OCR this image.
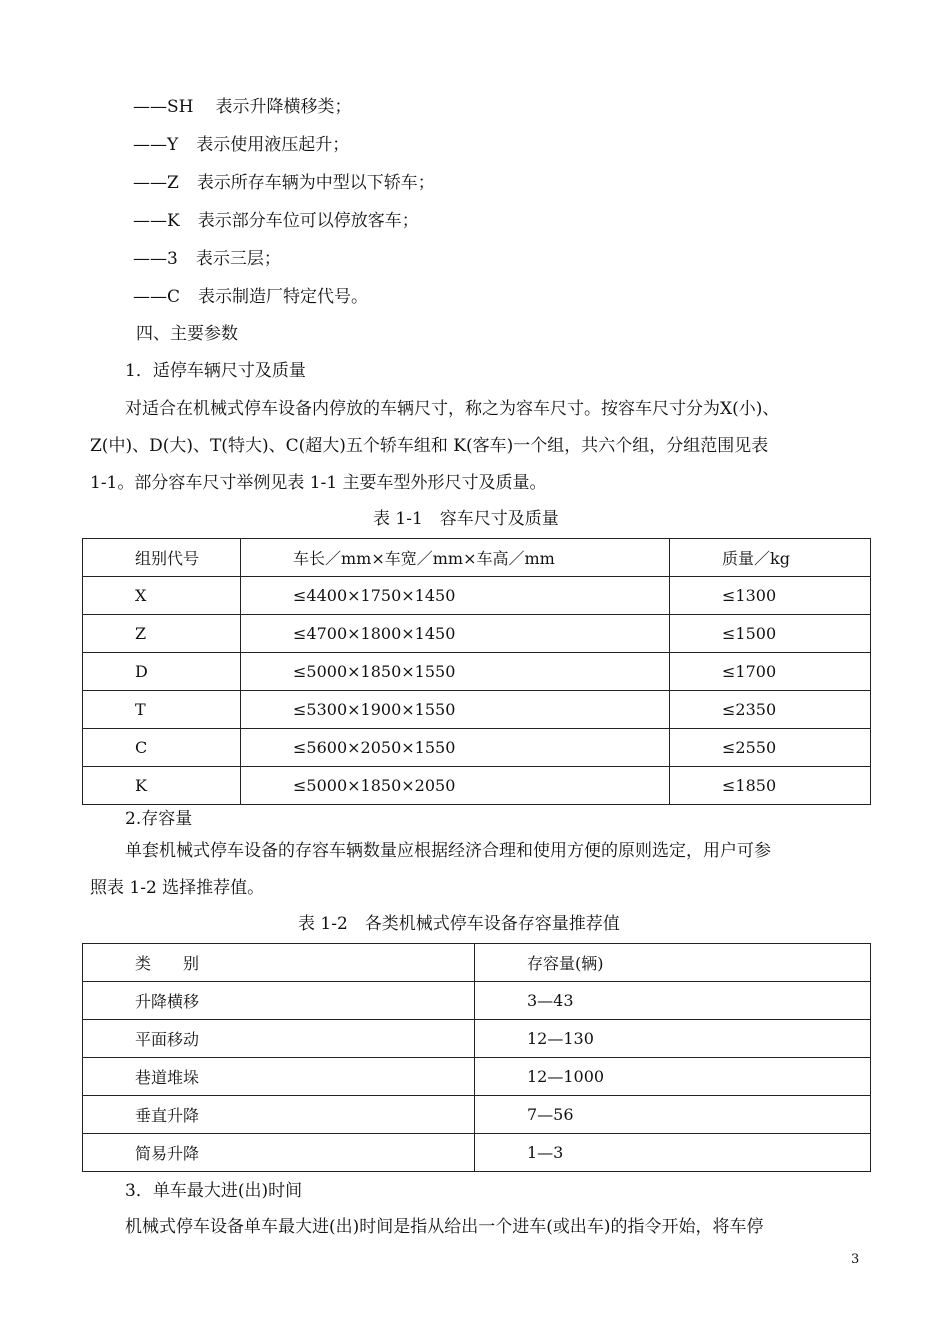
——SH 表示升降横移类；
——Y 表示使用液压起升；
——Z 表示所存车辆为中型以下轿车；
——K 表示部分车位可以停放客车；
——3 表示三层；
——C 表示制造厂特定代号。
四、主要参数
1．适停车辆尺寸及质量
对适合在机械式停车设备内停放的车辆尺寸，称之为容车尺寸。按容车尺寸分为X(小)、
Z(中)、D(大)、T(特大)、C(超大)五个轿车组和 K(客车)一个组，共六个组，分组范围见表
1-1。部分容车尺寸举例见表 1-1 主要车型外形尺寸及质量。
表 1-1　容车尺寸及质量
组别代号	车长／mm×车宽／mm×车高／mm	质量／kg
X	≤4400×1750×1450	≤1300
Z	≤4700×1800×1450	≤1500
D	≤5000×1850×1550	≤1700
T	≤5300×1900×1550	≤2350
C	≤5600×2050×1550	≤2550
K	≤5000×1850×2050	≤1850
2.存容量
单套机械式停车设备的存容车辆数量应根据经济合理和使用方便的原则选定，用户可参
照表 1-2 选择推荐值。
表 1-2　各类机械式停车设备存容量推荐值
类　　别	存容量(辆)
升降横移	3—43
平面移动	12—130
巷道堆垛	12—1000
垂直升降	7—56
简易升降	1—3
3．单车最大进(出)时间
机械式停车设备单车最大进(出)时间是指从给出一个进车(或出车)的指令开始，将车停
3
